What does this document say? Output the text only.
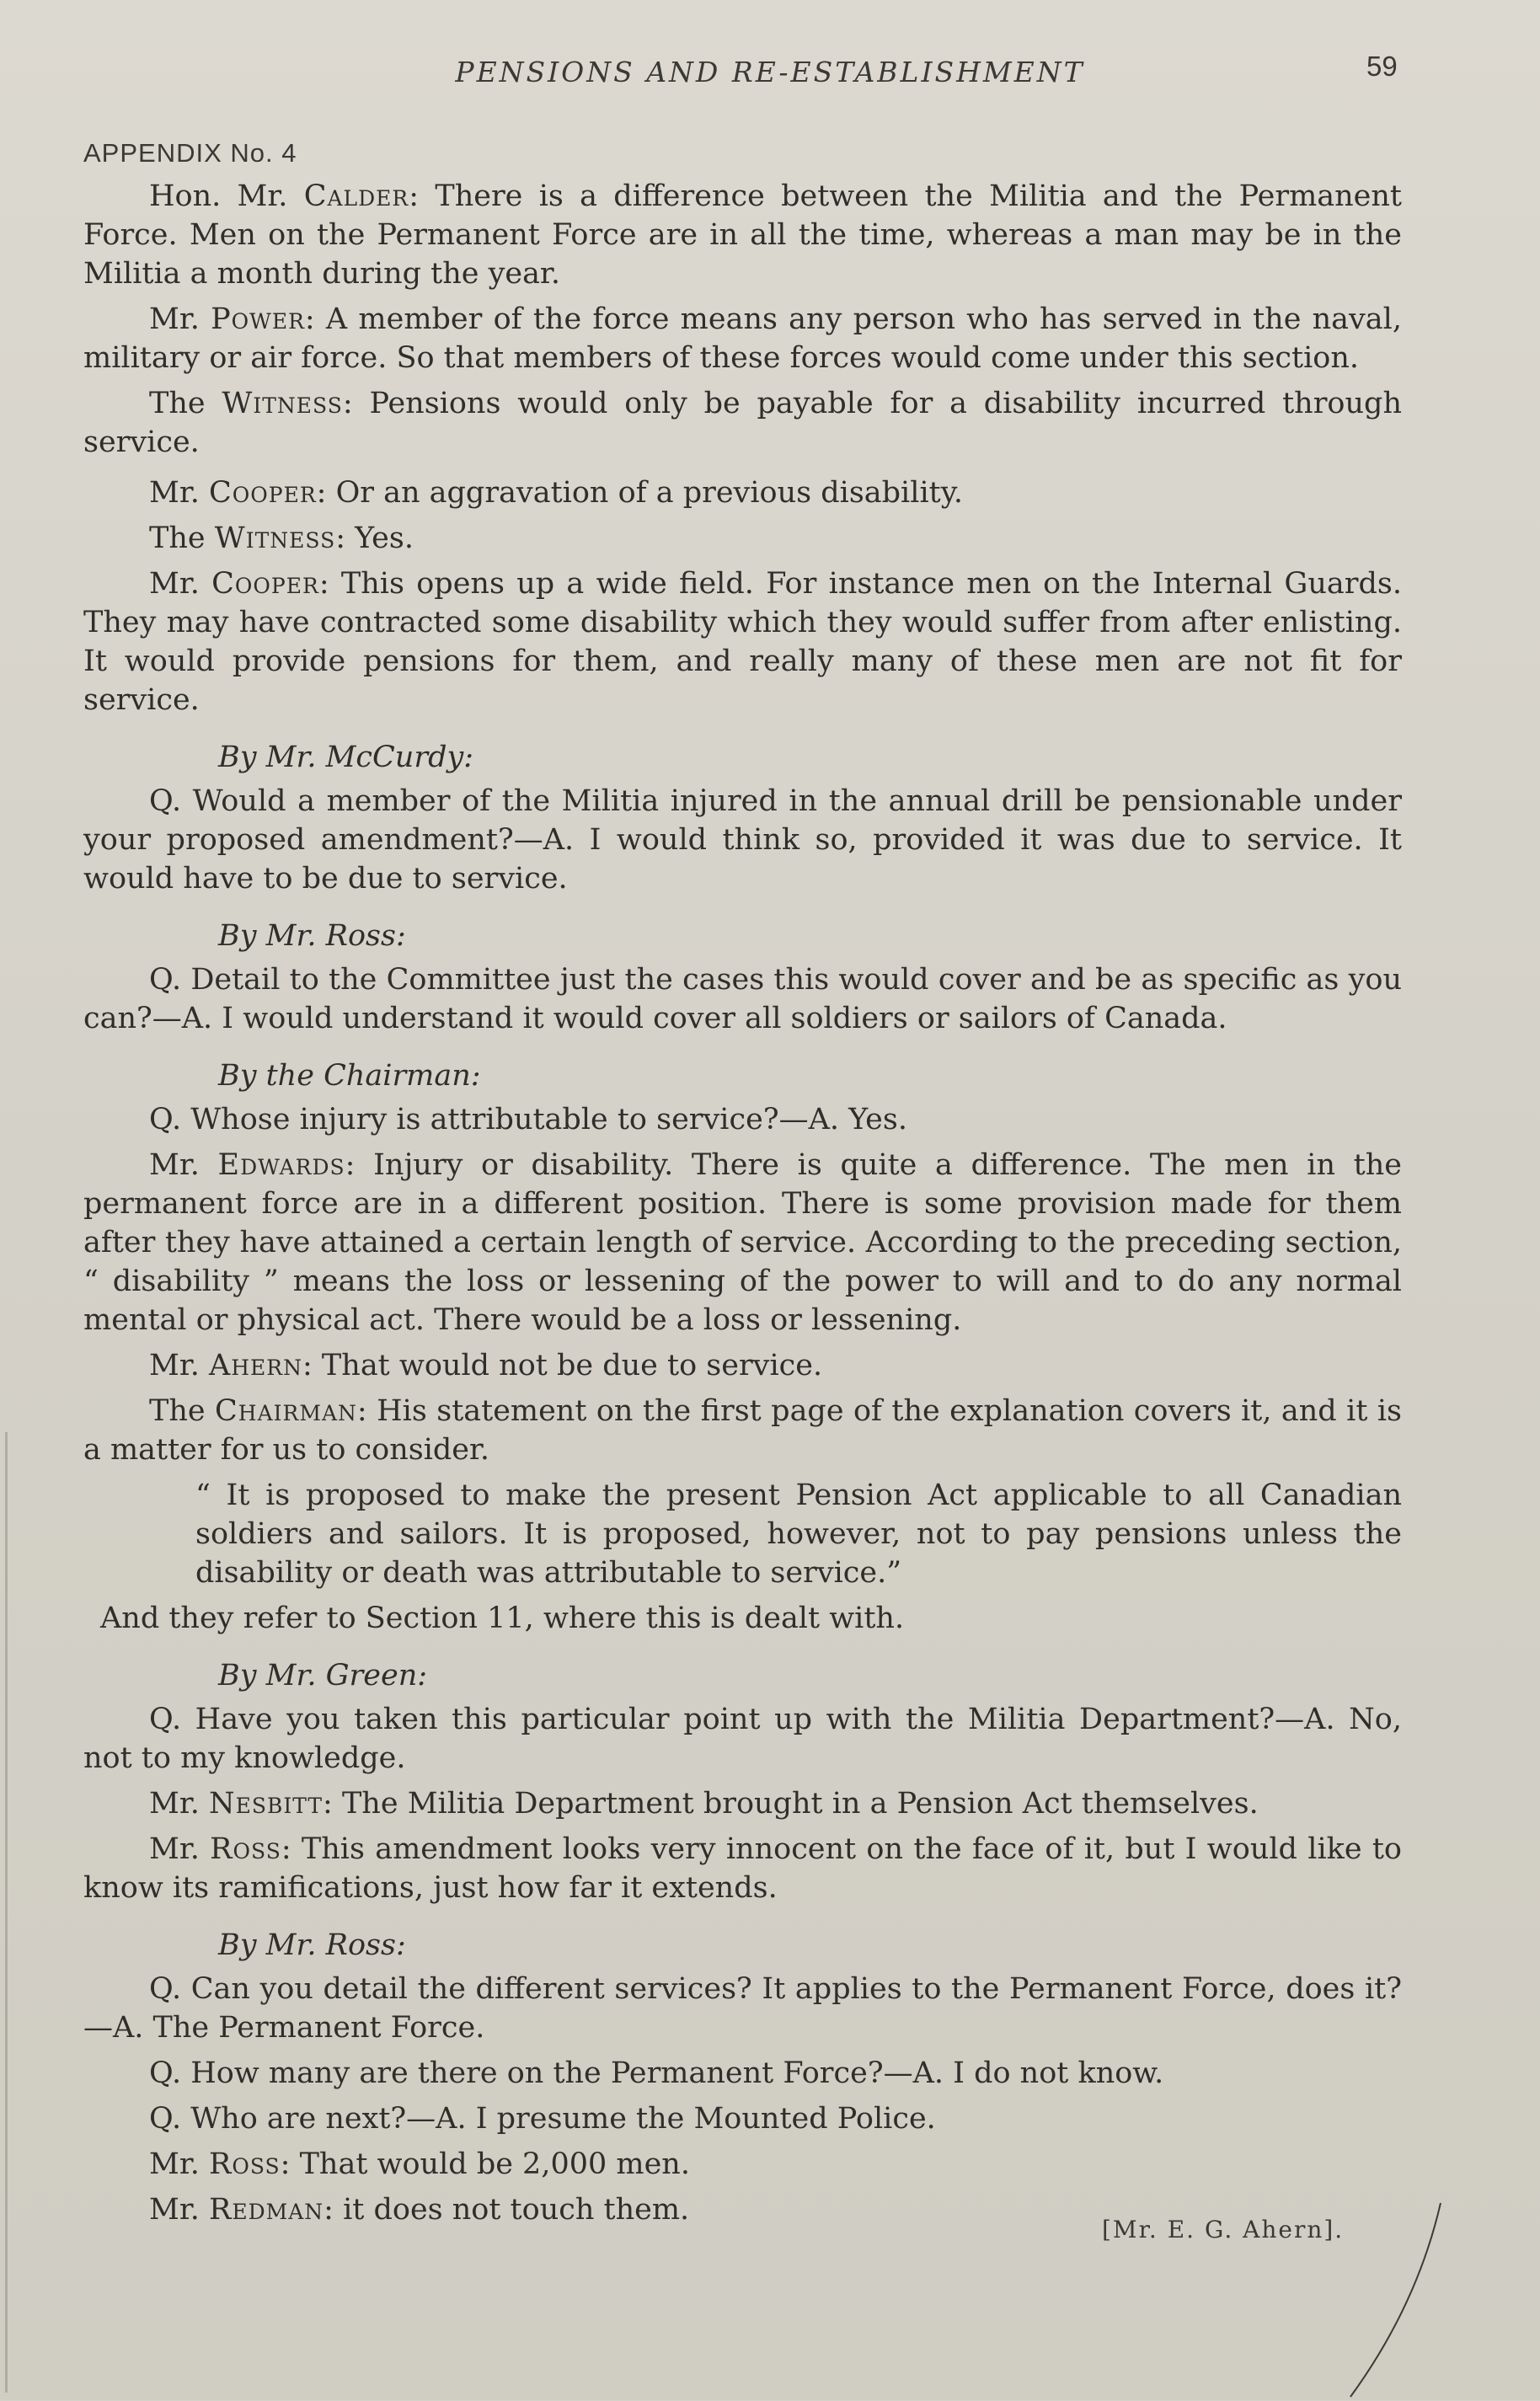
PENSIONS AND RE-ESTABLISHMENT	59
APPENDIX No. 4

Hon. Mr. Calder: There is a difference between the Militia and the Permanent Force. Men on the Permanent Force are in all the time, whereas a man may be in the Militia a month during the year.

Mr. Power: A member of the force means any person who has served in the naval, military or air force. So that members of these forces would come under this section.

The Witness: Pensions would only be payable for a disability incurred through service.

Mr. Cooper: Or an aggravation of a previous disability.

The Witness: Yes.

Mr. Cooper: This opens up a wide field. For instance men on the Internal Guards. They may have contracted some disability which they would suffer from after enlisting. It would provide pensions for them, and really many of these men are not fit for service.

By Mr. McCurdy:

Q. Would a member of the Militia injured in the annual drill be pensionable under your proposed amendment?—A. I would think so, provided it was due to service. It would have to be due to service.

By Mr. Ross:

Q. Detail to the Committee just the cases this would cover and be as specific as you can?—A. I would understand it would cover all soldiers or sailors of Canada.

By the Chairman:

Q. Whose injury is attributable to service?—A. Yes.

Mr. Edwards: Injury or disability. There is quite a difference. The men in the permanent force are in a different position. There is some provision made for them after they have attained a certain length of service. According to the preceding section, “ disability ” means the loss or lessening of the power to will and to do any normal mental or physical act. There would be a loss or lessening.

Mr. Ahern: That would not be due to service.

The Chairman: His statement on the first page of the explanation covers it, and it is a matter for us to consider.

“ It is proposed to make the present Pension Act applicable to all Canadian soldiers and sailors. It is proposed, however, not to pay pensions unless the disability or death was attributable to service.”

And they refer to Section 11, where this is dealt with.

By Mr. Green:

Q. Have you taken this particular point up with the Militia Department?—A. No, not to my knowledge.

Mr. Nesbitt: The Militia Department brought in a Pension Act themselves.

Mr. Ross: This amendment looks very innocent on the face of it, but I would like to know its ramifications, just how far it extends.

By Mr. Ross:

Q. Can you detail the different services? It applies to the Permanent Force, does it?—A. The Permanent Force.

Q. How many are there on the Permanent Force?—A. I do not know.

Q. Who are next?—A. I presume the Mounted Police.

Mr. Ross: That would be 2,000 men.

Mr. Redman: it does not touch them.

[Mr. E. G. Ahern].
